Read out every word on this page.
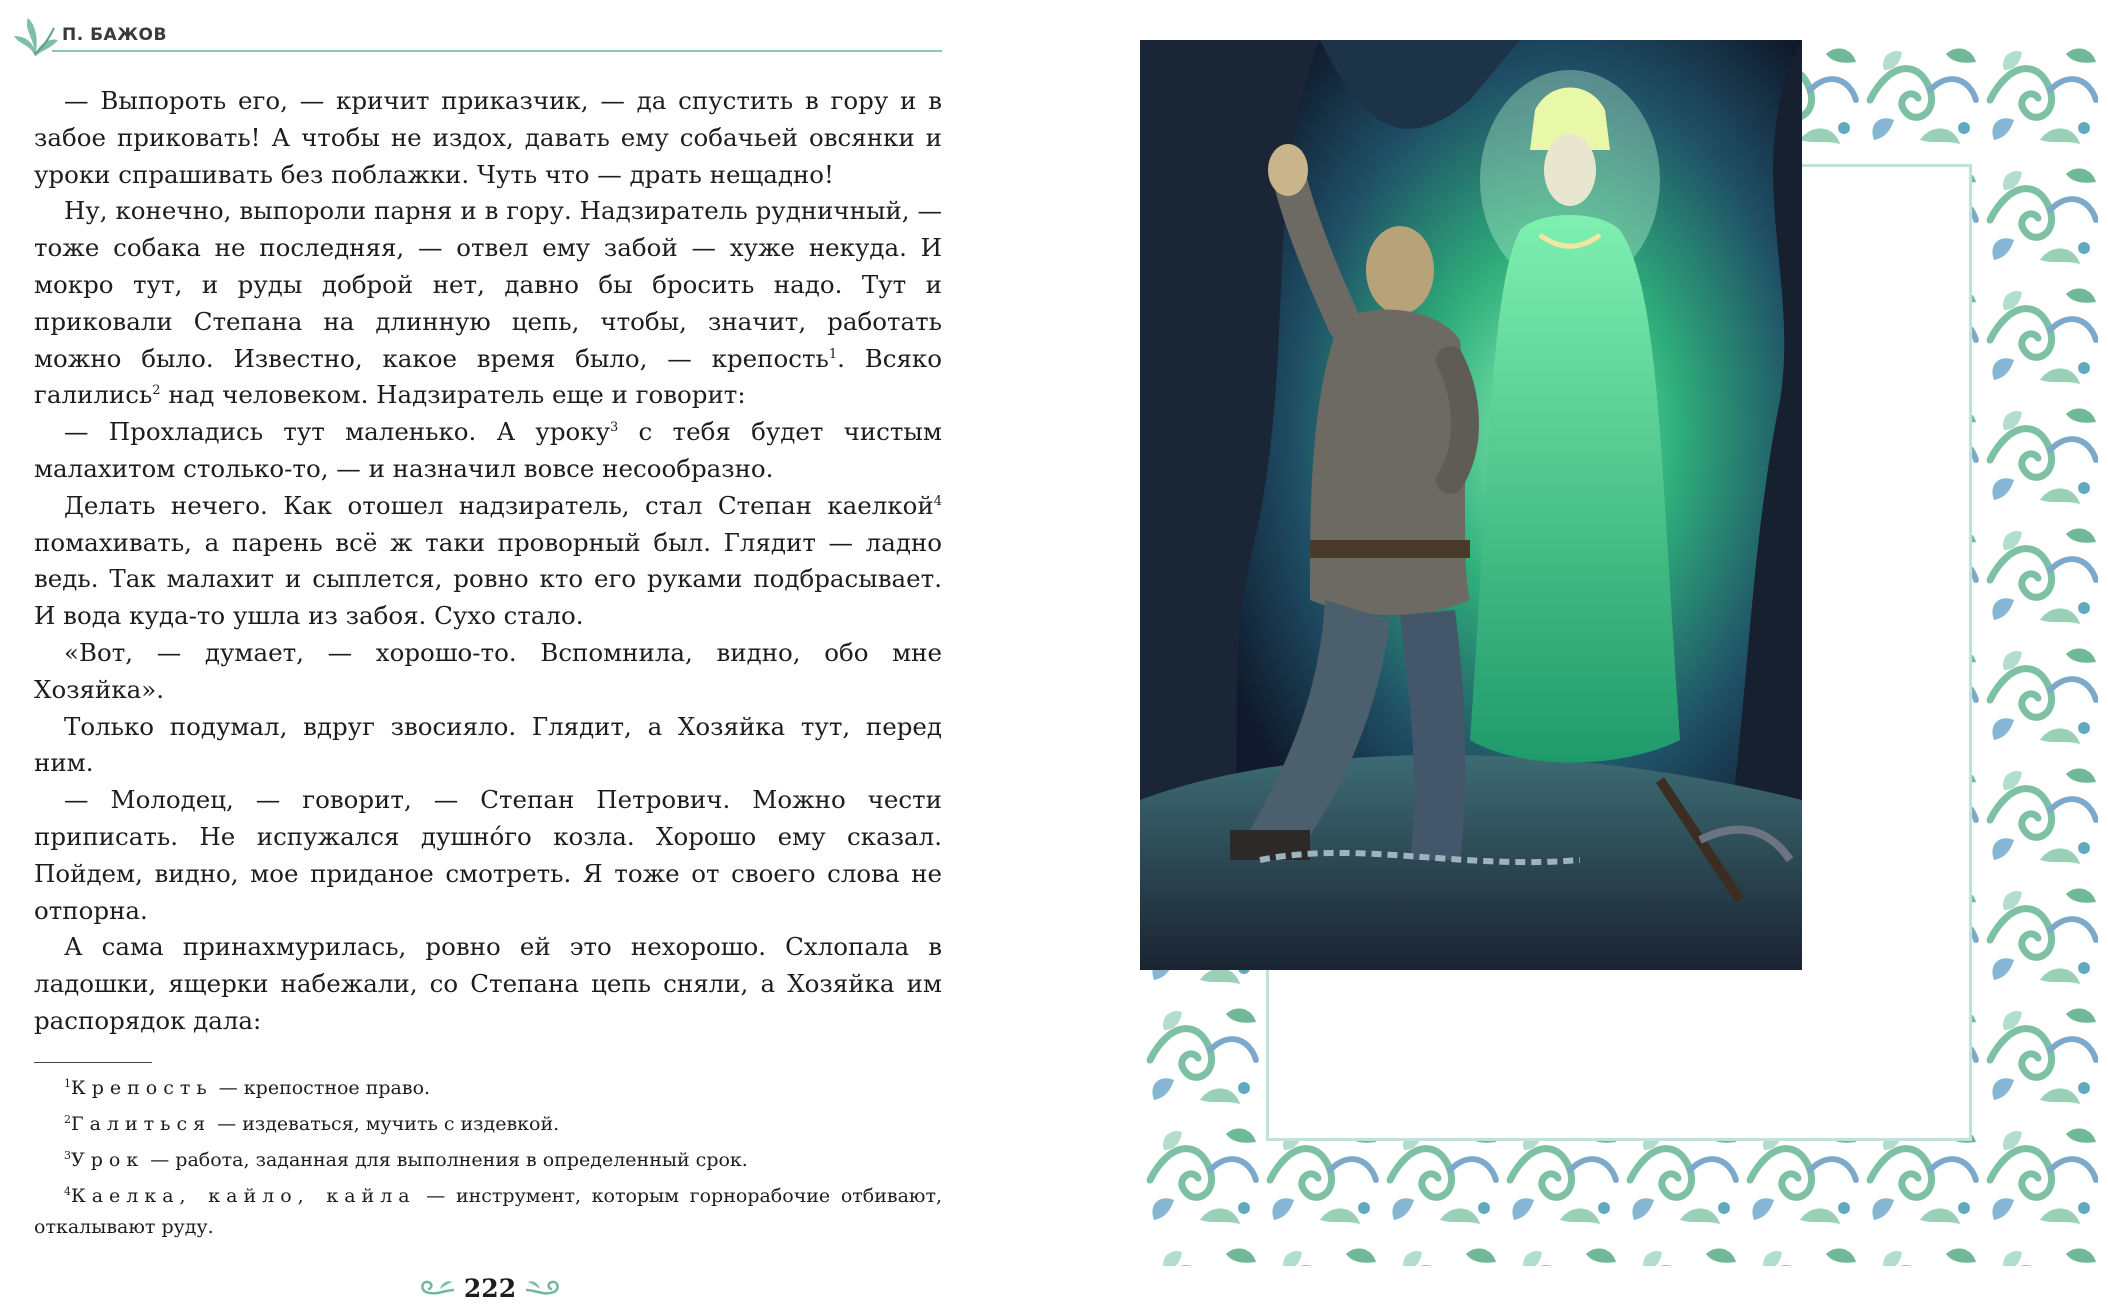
П. БАЖОВ

— Выпороть его, — кричит приказчик, — да спустить в гору и в забое приковать! А чтобы не издох, давать ему собачьей овсянки и уроки спрашивать без поблажки. Чуть что — драть нещадно!

Ну, конечно, выпороли парня и в гору. Надзиратель рудничный, — тоже собака не последняя, — отвел ему забой — хуже некуда. И мокро тут, и руды доброй нет, давно бы бросить надо. Тут и приковали Степана на длинную цепь, чтобы, значит, работать можно было. Известно, какое время было, — крепость$^1$. Всяко галились$^2$ над человеком. Надзиратель еще и говорит:

— Прохладись тут маленько. А уроку$^3$ с тебя будет чистым малахитом столько-то, — и назначил вовсе несообразно.

Делать нечего. Как отошел надзиратель, стал Степан каелкой$^4$ помахивать, а парень всё ж таки проворный был. Глядит — ладно ведь. Так малахит и сыплется, ровно кто его руками подбрасывает. И вода куда-то ушла из забоя. Сухо стало.

«Вот, — думает, — хорошо-то. Вспомнила, видно, обо мне Хозяйка».

Только подумал, вдруг звосияло. Глядит, а Хозяйка тут, перед ним.

— Молодец, — говорит, — Степан Петрович. Можно чести приписать. Не испужался душно́го козла. Хорошо ему сказал. Пойдем, видно, мое приданое смотреть. Я тоже от своего слова не отпорна.

А сама принахмурилась, ровно ей это нехорошо. Схлопала в ладошки, ящерки набежали, со Степана цепь сняли, а Хозяйка им распорядок дала:

$^1$Крепость — крепостное право.

$^2$Галиться — издеваться, мучить с издевкой.

$^3$Урок — работа, заданная для выполнения в определенный срок.

$^4$Каелка, кайло, кайла — инструмент, которым горнорабочие отбивают, откалывают руду.

222
